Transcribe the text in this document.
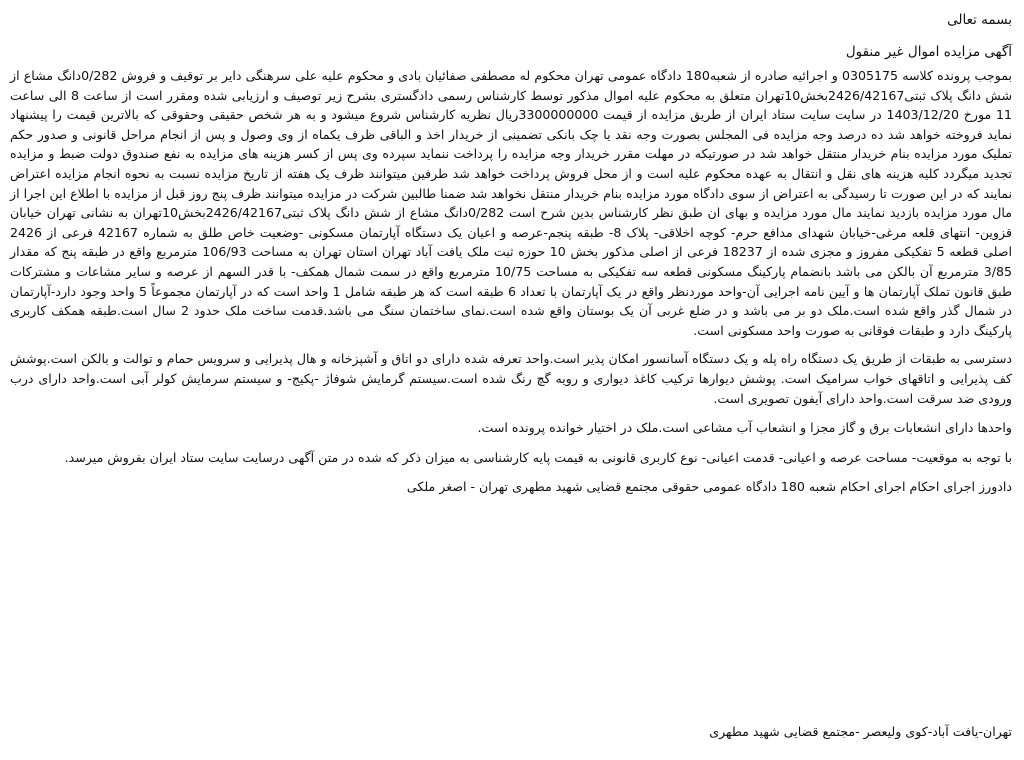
بسمه تعالی

آگهی مزایده اموال غیر منقول

بموجب پرونده کلاسه 0305175 و اجرائیه صادره از شعبه180 دادگاه عمومی تهران محکوم له مصطفی صفائیان بادی و محکوم علیه علی سرهنگی دایر بر توقیف و فروش 0/282دانگ مشاع از شش دانگ پلاک ثبتی2426/42167بخش10تهران متعلق به محکوم علیه اموال مذکور توسط کارشناس رسمی دادگستری بشرح زیر توصیف و ارزیابی شده ومقرر است از ساعت 8 الی ساعت 11 مورخ 1403/12/20 در سایت سایت ستاد ایران از طریق مزایده از قیمت 3300000000ریال نظریه کارشناس شروع میشود و به هر شخص حقیقی وحقوقی که بالاترین قیمت را پیشنهاد نماید فروخته خواهد شد ده درصد وجه مزایده فی المجلس بصورت وجه نقد یا چک بانکی تضمینی از خریدار اخذ و الباقی ظرف یکماه از وی وصول و پس از انجام مراحل قانونی و صدور حکم تملیک مورد مزایده بنام خریدار منتقل خواهد شد در صورتیکه در مهلت مقرر خریدار وجه مزایده را پرداخت ننماید سپرده وی پس از کسر هزینه های مزایده به نفع صندوق دولت ضبط و مزایده تجدید میگردد کلیه هزینه های نقل و انتقال به عهده محکوم علیه است و از محل فروش پرداخت خواهد شد طرفین میتوانند ظرف یک هفته از تاریخ مزایده نسبت به نحوه انجام مزایده اعتراض نمایند که در این صورت تا رسیدگی به اعتراض از سوی دادگاه مورد مزایده بنام خریدار منتقل نخواهد شد ضمنا طالبین شرکت در مزایده میتوانند ظرف پنج روز قبل از مزایده با اطلاع این اجرا از مال مورد مزایده بازدید نمایند مال مورد مزایده و بهای ان طبق نظر کارشناس بدین شرح است 0/282دانگ مشاع از شش دانگ پلاک ثبتی2426/42167بخش10تهران به نشانی تهران خیابان قزوین- انتهای قلعه مرغی-خیابان شهدای مدافع حرم- کوچه اخلاقی- پلاک 8- طبقه پنجم-عرصه و اعیان یک دستگاه آپارتمان مسکونی -وضعیت خاص طلق به شماره 42167 فرعی از 2426 اصلی قطعه 5 تفکیکی مفروز و مجزی شده از 18237 فرعی از اصلی مذکور بخش 10 حوزه ثبت ملک یافت آباد تهران استان تهران به مساحت 106/93 مترمربع واقع در طبقه پنج که مقدار 3/85 مترمربع آن بالکن می باشد بانضمام پارکینگ مسکونی قطعه سه تفکیکی به مساحت 10/75 مترمربع واقع در سمت شمال همکف- با قدر السهم از عرصه و سایر مشاعات و مشترکات طبق قانون تملک آپارتمان ها و آیین نامه اجرایی آن-واحد موردنظر واقع در یک آپارتمان با تعداد 6 طبقه است که هر طبقه شامل 1 واحد است که در آپارتمان مجموعاً 5 واحد وجود دارد-آپارتمان در شمال گذر واقع شده است.ملک دو بر می باشد و در ضلع غربی آن یک بوستان واقع شده است.نمای ساختمان سنگ می باشد.قدمت ساخت ملک حدود 2 سال است.طبقه همکف کاربری پارکینگ دارد و طبقات فوقانی به صورت واحد مسکونی است.

دسترسی به طبقات از طریق یک دستگاه راه پله و یک دستگاه آسانسور امکان پذیر است.واحد تعرفه شده دارای دو اتاق و آشپزخانه و هال پذیرایی و سرویس حمام و توالت و بالکن است.پوشش کف پذیرایی و اتاقهای خواب سرامیک است. پوشش دیوارها ترکیب کاغذ دیواری و رویه گچ رنگ شده است.سیستم گرمایش شوفاژ -پکیج- و سیستم سرمایش کولر آبی است.واحد دارای درب ورودی ضد سرقت است.واحد دارای آیفون تصویری است.

واحدها دارای انشعابات برق و گاز مجزا و انشعاب آب مشاعی است.ملک در اختیار خوانده پرونده است.

با توجه به موقعیت- مساحت عرصه و اعیانی- قدمت اعیانی- نوع کاربری قانونی به قیمت پایه کارشناسی به میزان ذکر که شده در متن آگهی درسایت سایت ستاد ایران بفروش میرسد.

دادورز اجرای احکام اجرای احکام شعبه 180 دادگاه عمومی حقوقی مجتمع قضایی شهید مطهری تهران - اصغر ملکی

تهران-یافت آباد-کوی ولیعصر -مجتمع قضایی شهید مطهری
